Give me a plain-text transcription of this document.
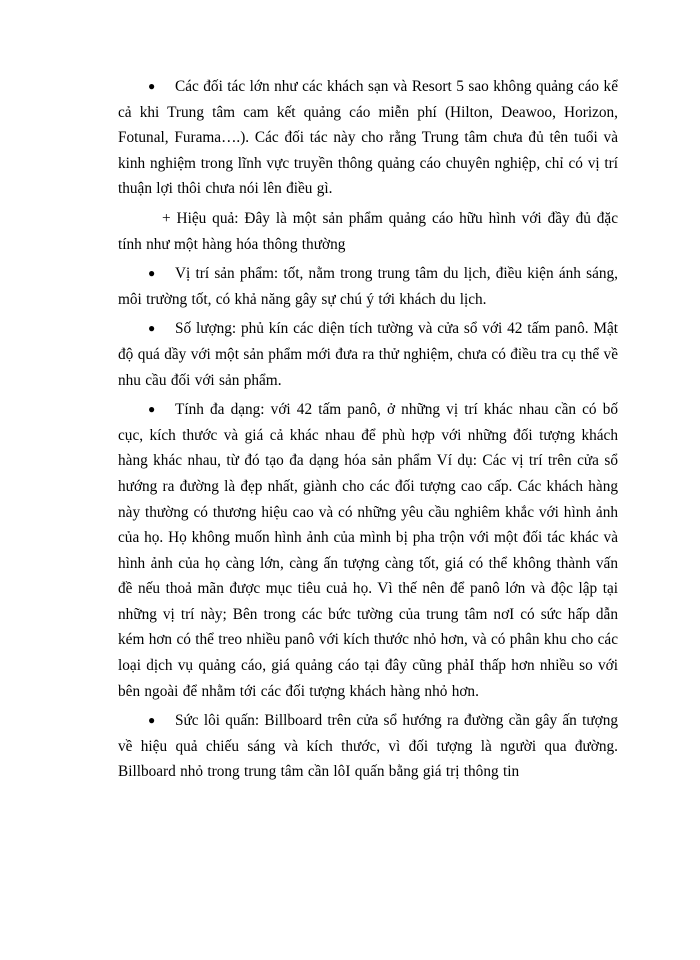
● Các đối tác lớn như các khách sạn và Resort 5 sao không quảng cáo kể cả khi Trung tâm cam kết quảng cáo miễn phí (Hilton, Deawoo, Horizon, Fotunal, Furama….). Các đối tác này cho rằng Trung tâm chưa đủ tên tuổi và kinh nghiệm trong lĩnh vực truyền thông quảng cáo chuyên nghiệp, chỉ có vị trí thuận lợi thôi chưa nói lên điều gì.

+ Hiệu quả: Đây là một sản phẩm quảng cáo hữu hình với đầy đủ đặc tính như một hàng hóa thông thường

● Vị trí sản phẩm: tốt, nằm trong trung tâm du lịch, điều kiện ánh sáng, môi trường tốt, có khả năng gây sự chú ý tới khách du lịch.

● Số lượng: phủ kín các diện tích tường và cửa sổ với 42 tấm panô. Mật độ quá dầy với một sản phẩm mới đưa ra thử nghiệm, chưa có điều tra cụ thể về nhu cầu đối với sản phẩm.

● Tính đa dạng: với 42 tấm panô, ở những vị trí khác nhau cần có bố cục, kích thước và giá cả khác nhau để phù hợp với những đối tượng khách hàng khác nhau, từ đó tạo đa dạng hóa sản phẩm Ví dụ: Các vị trí trên cửa sổ hướng ra đường là đẹp nhất, giành cho các đối tượng cao cấp. Các khách hàng này thường có thương hiệu cao và có những yêu cầu nghiêm khắc với hình ảnh của họ. Họ không muốn hình ảnh của mình bị pha trộn với một đối tác khác và hình ảnh của họ càng lớn, càng ấn tượng càng tốt, giá có thể không thành vấn đề nếu thoả mãn được mục tiêu cuả họ. Vì thế nên để panô lớn và độc lập tại những vị trí này; Bên trong các bức tường của trung tâm nơI có sức hấp dẫn kém hơn có thể treo nhiều panô với kích thước nhỏ hơn, và có phân khu cho các loại dịch vụ quảng cáo, giá quảng cáo tại đây cũng phảI thấp hơn nhiều so với bên ngoài để nhằm tới các đối tượng khách hàng nhỏ hơn.

● Sức lôi quấn: Billboard trên cửa sổ hướng ra đường cần gây ấn tượng về hiệu quả chiếu sáng và kích thước, vì đối tượng là người qua đường. Billboard nhỏ trong trung tâm cần lôI quấn bằng giá trị thông tin
